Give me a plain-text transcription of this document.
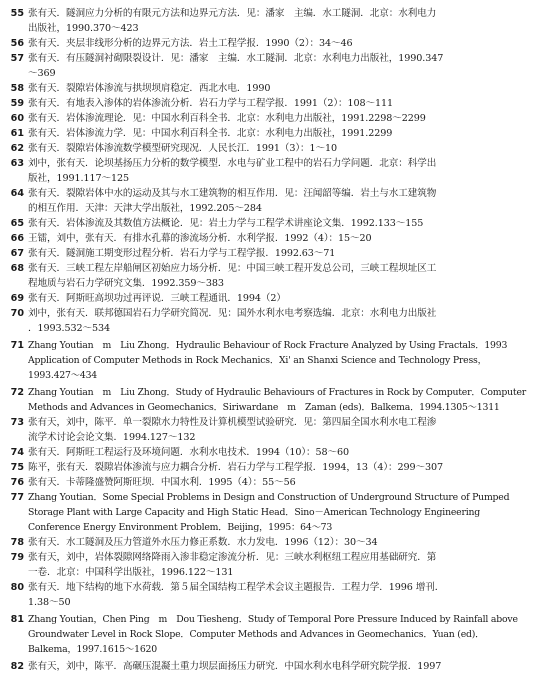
55 张有天．隧洞应力分析的有限元方法和边界元方法．见：潘家　主编．水工隧洞．北京：水利电力
出版社，1990.370～423
56 张有天．夹层非线形分析的边界元方法．岩土工程学报．1990（2）：34～46
57 张有天．有压隧洞衬砌限裂设计．见：潘家　主编．水工隧洞．北京：水利电力出版社，1990.347
～369
58 张有天．裂隙岩体渗流与拱坝坝肩稳定．西北水电．1990
59 张有天．有地表入渗体的岩体渗流分析．岩石力学与工程学报．1991（2）：108～111
60 张有天．岩体渗流理论．见：中国水利百科全书．北京：水利电力出版社，1991.2298～2299
61 张有天．岩体渗流力学．见：中国水利百科全书．北京：水利电力出版社，1991.2299
62 张有天．裂隙岩体渗流数学模型研究现况．人民长江．1991（3）：1～10
63 刘中，张有天．论坝基扬压力分析的数学模型．水电与矿业工程中的岩石力学问题．北京：科学出
版社，1991.117～125
64 张有天．裂隙岩体中水的运动及其与水工建筑物的相互作用．见：汪闻韶等编．岩土与水工建筑物
的相互作用．天津：天津大学出版社，1992.205～284
65 张有天．岩体渗流及其数值方法概论．见：岩土力学与工程学术讲座论文集．1992.133～155
66 王镭，刘中，张有天．有排水孔幕的渗流场分析．水利学报．1992（4）：15～20
67 张有天．隧洞施工期变形过程分析．岩石力学与工程学报．1992.63～71
68 张有天．三峡工程左岸船闸区初始应力场分析．见：中国三峡工程开发总公司，三峡工程坝址区工
程地质与岩石力学研究文集．1992.359～383
69 张有天．阿斯旺高坝功过再评说．三峡工程通讯．1994（2）
70 刘中，张有天．联邦德国岩石力学研究简况．见：国外水利水电考察选编．北京：水利电力出版社
．1993.532～534
71 Zhang Youtian　m　Liu Zhong．Hydraulic Behaviour of Rock Fracture Analyzed by Using Fractals．1993
Application of Computer Methods in Rock Mechanics．Xi' an Shanxi Science and Technology Press，
1993.427～434
72 Zhang Youtian　m　Liu Zhong．Study of Hydraulic Behaviours of Fractures in Rock by Computer．Computer
Methods and Advances in Geomechanics．Siriwardane　m　Zaman (eds)．Balkema．1994.1305～1311
73 张有天，刘中，陈平．单一裂隙水力特性及计算机模型试验研究．见：第四届全国水利水电工程渗
流学术讨论会论文集．1994.127～132
74 张有天．阿斯旺工程运行及环境问题．水利水电技术．1994（10）：58～60
75 陈平，张有天．裂隙岩体渗流与应力耦合分析．岩石力学与工程学报．1994，13（4）：299～307
76 张有天．卡蒂隆盛赞阿斯旺坝．中国水利．1995（4）：55～56
77 Zhang Youtian．Some Special Problems in Design and Construction of Underground Structure of Pumped
Storage Plant with Large Capacity and High Static Head．Sino－American Technology Engineering
Conference Energy Environment Problem．Beijing，1995：64～73
78 张有天．水工隧洞及压力管道外水压力修正系数．水力发电．1996（12）：30～34
79 张有天，刘中，岩体裂隙网络降雨入渗非稳定渗流分析．见：三峡水利枢纽工程应用基础研究．第
一卷．北京：中国科学出版社，1996.122～131
80 张有天．地下结构的地下水荷载．第５届全国结构工程学术会议主题报告．工程力学．1996 增刊．
1.38～50
81 Zhang Youtian，Chen Ping　m　Dou Tiesheng．Study of Temporal Pore Pressure Induced by Rainfall above
Groundwater Level in Rock Slope．Computer Methods and Advances in Geomechanics．Yuan (ed)．
Balkema，1997.1615～1620
82 张有天，刘中，陈平．高碾压混凝土重力坝层面扬压力研究．中国水利水电科学研究院学报．1997
